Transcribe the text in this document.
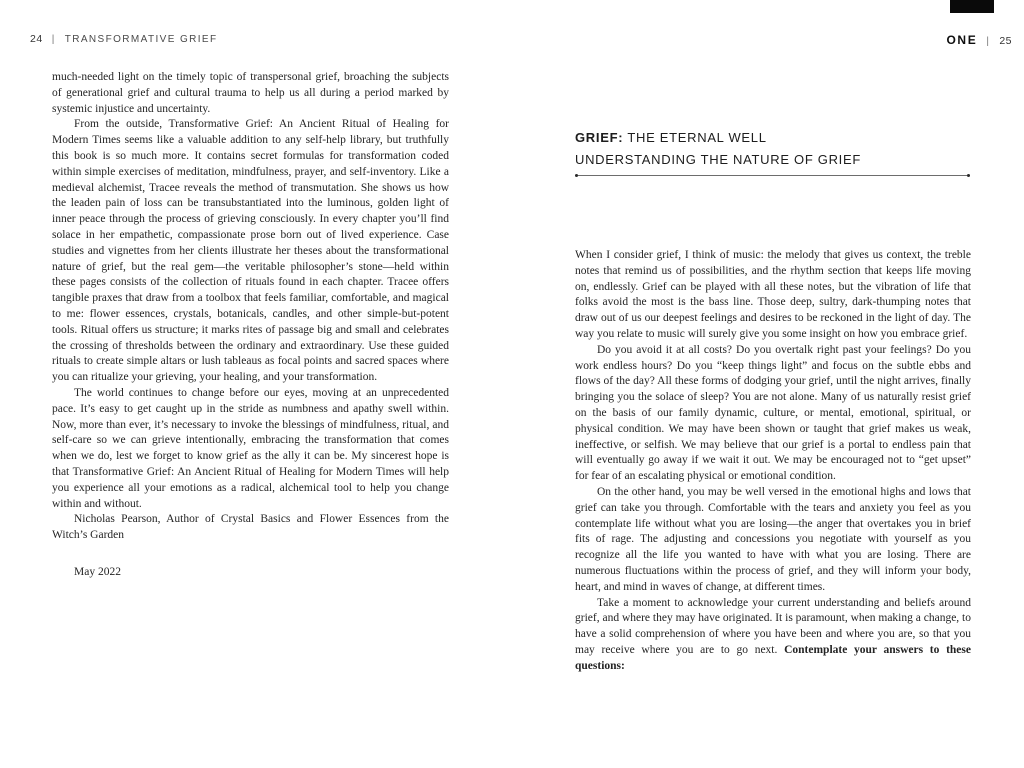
24 | TRANSFORMATIVE GRIEF

much-needed light on the timely topic of transpersonal grief, broaching the subjects of generational grief and cultural trauma to help us all during a period marked by systemic injustice and uncertainty.

From the outside, Transformative Grief: An Ancient Ritual of Healing for Modern Times seems like a valuable addition to any self-help library, but truthfully this book is so much more. It contains secret formulas for transformation coded within simple exercises of meditation, mindfulness, prayer, and self-inventory. Like a medieval alchemist, Tracee reveals the method of transmutation. She shows us how the leaden pain of loss can be transubstantiated into the luminous, golden light of inner peace through the process of grieving consciously. In every chapter you’ll find solace in her empathetic, compassionate prose born out of lived experience. Case studies and vignettes from her clients illustrate her theses about the transformational nature of grief, but the real gem—the veritable philosopher’s stone—held within these pages consists of the collection of rituals found in each chapter. Tracee offers tangible praxes that draw from a toolbox that feels familiar, comfortable, and magical to me: flower essences, crystals, botanicals, candles, and other simple-but-potent tools. Ritual offers us structure; it marks rites of passage big and small and celebrates the crossing of thresholds between the ordinary and extraordinary. Use these guided rituals to create simple altars or lush tableaus as focal points and sacred spaces where you can ritualize your grieving, your healing, and your transformation.

The world continues to change before our eyes, moving at an unprecedented pace. It’s easy to get caught up in the stride as numbness and apathy swell within. Now, more than ever, it’s necessary to invoke the blessings of mindfulness, ritual, and self-care so we can grieve intentionally, embracing the transformation that comes when we do, lest we forget to know grief as the ally it can be. My sincerest hope is that Transformative Grief: An Ancient Ritual of Healing for Modern Times will help you experience all your emotions as a radical, alchemical tool to help you change within and without.

Nicholas Pearson, Author of Crystal Basics and Flower Essences from the Witch’s Garden

May 2022

ONE | 25
GRIEF: THE ETERNAL WELL
UNDERSTANDING THE NATURE OF GRIEF

When I consider grief, I think of music: the melody that gives us context, the treble notes that remind us of possibilities, and the rhythm section that keeps life moving on, endlessly. Grief can be played with all these notes, but the vibration of life that folks avoid the most is the bass line. Those deep, sultry, dark-thumping notes that draw out of us our deepest feelings and desires to be reckoned in the light of day. The way you relate to music will surely give you some insight on how you embrace grief.

Do you avoid it at all costs? Do you overtalk right past your feelings? Do you work endless hours? Do you “keep things light” and focus on the subtle ebbs and flows of the day? All these forms of dodging your grief, until the night arrives, finally bringing you the solace of sleep? You are not alone. Many of us naturally resist grief on the basis of our family dynamic, culture, or mental, emotional, spiritual, or physical condition. We may have been shown or taught that grief makes us weak, ineffective, or selfish. We may believe that our grief is a portal to endless pain that will eventually go away if we wait it out. We may be encouraged not to “get upset” for fear of an escalating physical or emotional condition.

On the other hand, you may be well versed in the emotional highs and lows that grief can take you through. Comfortable with the tears and anxiety you feel as you contemplate life without what you are losing—the anger that overtakes you in brief fits of rage. The adjusting and concessions you negotiate with yourself as you recognize all the life you wanted to have with what you are losing. There are numerous fluctuations within the process of grief, and they will inform your body, heart, and mind in waves of change, at different times.

Take a moment to acknowledge your current understanding and beliefs around grief, and where they may have originated. It is paramount, when making a change, to have a solid comprehension of where you have been and where you are, so that you may receive where you are to go next. Contemplate your answers to these questions:
